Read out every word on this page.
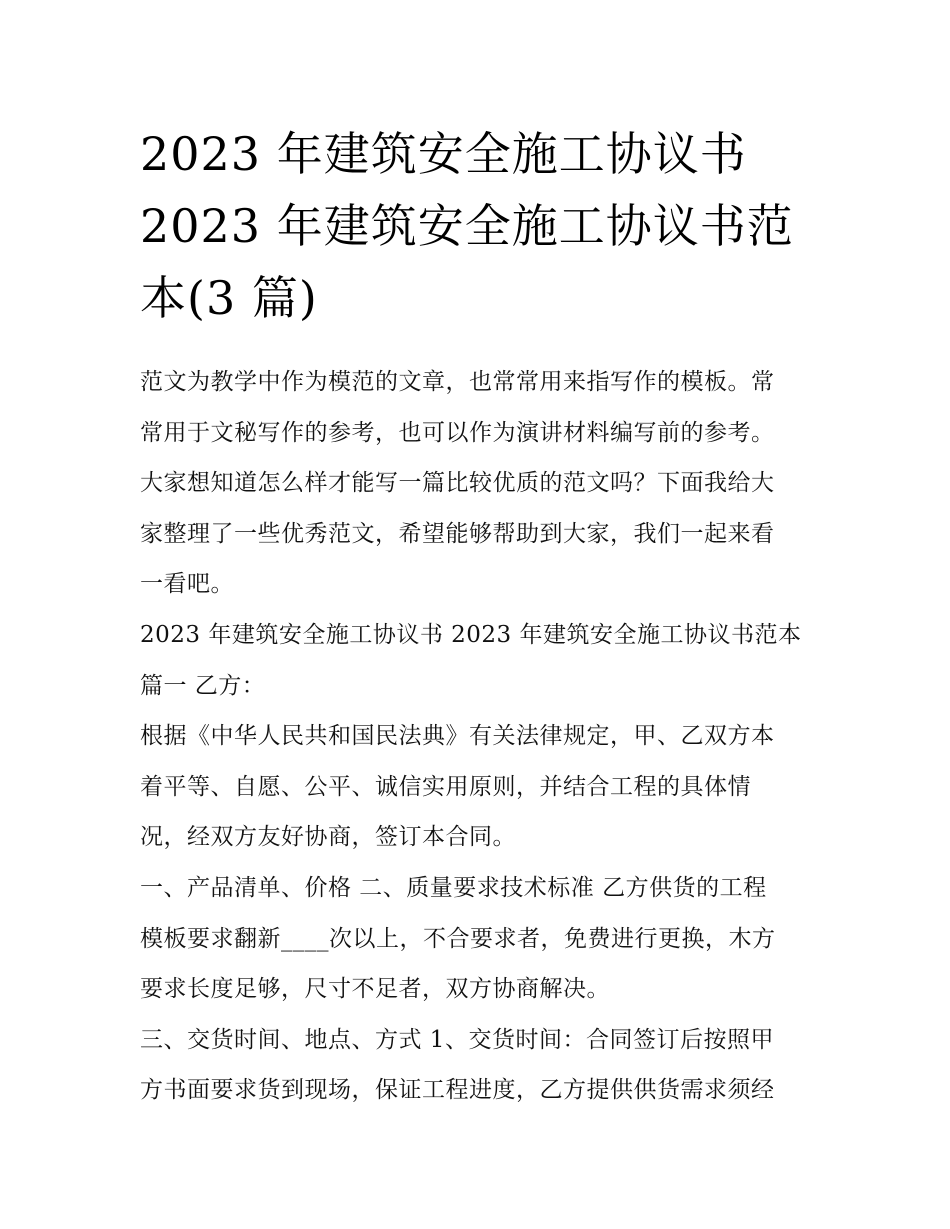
2023 年建筑安全施工协议书
2023 年建筑安全施工协议书范
本(3 篇)

范文为教学中作为模范的文章，也常常用来指写作的模板。常
常用于文秘写作的参考，也可以作为演讲材料编写前的参考。
大家想知道怎么样才能写一篇比较优质的范文吗？下面我给大
家整理了一些优秀范文，希望能够帮助到大家，我们一起来看
一看吧。

2023 年建筑安全施工协议书 2023 年建筑安全施工协议书范本
篇一 乙方：

根据《中华人民共和国民法典》有关法律规定，甲、乙双方本
着平等、自愿、公平、诚信实用原则，并结合工程的具体情
况，经双方友好协商，签订本合同。

一、产品清单、价格 二、质量要求技术标准 乙方供货的工程
模板要求翻新____次以上，不合要求者，免费进行更换，木方
要求长度足够，尺寸不足者，双方协商解决。

三、交货时间、地点、方式 1、交货时间：合同签订后按照甲
方书面要求货到现场，保证工程进度，乙方提供供货需求须经
